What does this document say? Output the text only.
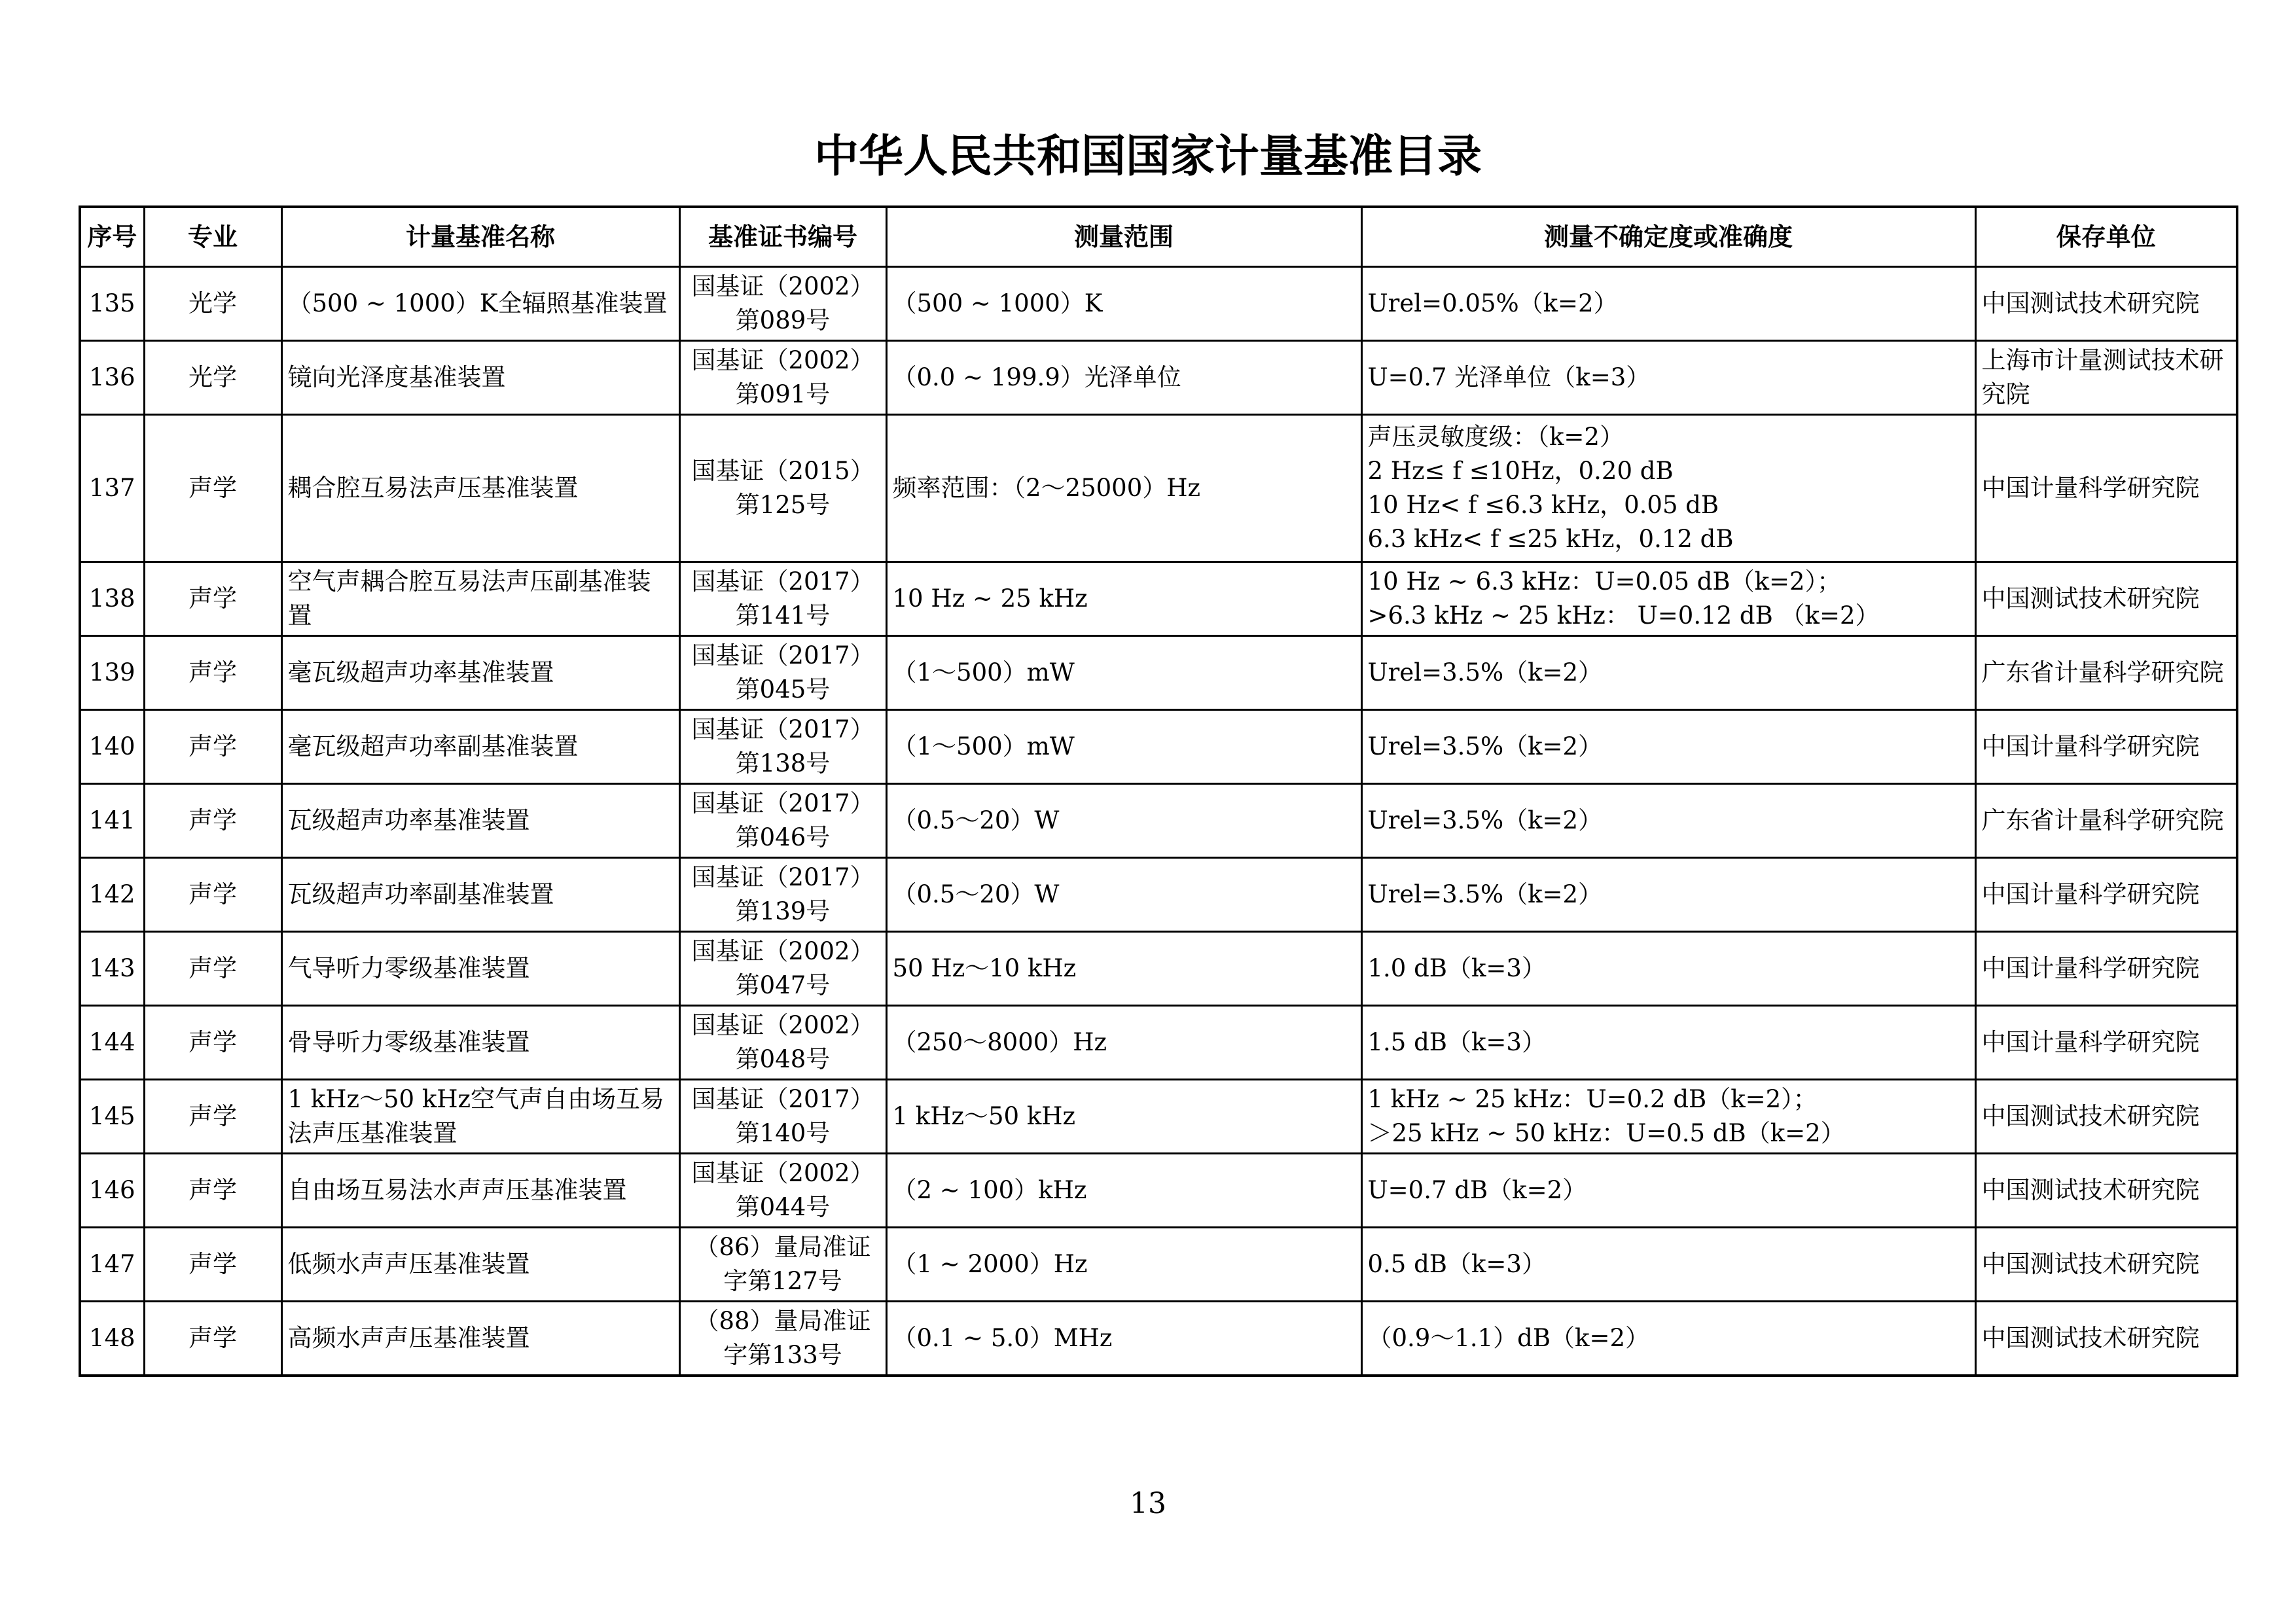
中华人民共和国国家计量基准目录
序号	专业	计量基准名称	基准证书编号	测量范围	测量不确定度或准确度	保存单位
135	光学	（500 ~ 1000）K全辐照基准装置	国基证（2002）第089号	（500 ~ 1000）K	Urel=0.05%（k=2）	中国测试技术研究院
136	光学	镜向光泽度基准装置	国基证（2002）第091号	（0.0 ~ 199.9）光泽单位	U=0.7 光泽单位（k=3）	上海市计量测试技术研究院
137	声学	耦合腔互易法声压基准装置	国基证（2015）第125号	频率范围：（2～25000）Hz	声压灵敏度级：（k=2）
2 Hz≤ f ≤10Hz，0.20 dB
10 Hz< f ≤6.3 kHz，0.05 dB
6.3 kHz< f ≤25 kHz，0.12 dB	中国计量科学研究院
138	声学	空气声耦合腔互易法声压副基准装置	国基证（2017）第141号	10 Hz ~ 25 kHz	10 Hz ~ 6.3 kHz：U=0.05 dB（k=2）；
>6.3 kHz ~ 25 kHz： U=0.12 dB （k=2）	中国测试技术研究院
139	声学	毫瓦级超声功率基准装置	国基证（2017）第045号	（1～500）mW	Urel=3.5%（k=2）	广东省计量科学研究院
140	声学	毫瓦级超声功率副基准装置	国基证（2017）第138号	（1～500）mW	Urel=3.5%（k=2）	中国计量科学研究院
141	声学	瓦级超声功率基准装置	国基证（2017）第046号	（0.5～20）W	Urel=3.5%（k=2）	广东省计量科学研究院
142	声学	瓦级超声功率副基准装置	国基证（2017）第139号	（0.5～20）W	Urel=3.5%（k=2）	中国计量科学研究院
143	声学	气导听力零级基准装置	国基证（2002）第047号	50 Hz～10 kHz	1.0 dB（k=3）	中国计量科学研究院
144	声学	骨导听力零级基准装置	国基证（2002）第048号	（250～8000）Hz	1.5 dB（k=3）	中国计量科学研究院
145	声学	1 kHz～50 kHz空气声自由场互易法声压基准装置	国基证（2017）第140号	1 kHz～50 kHz	1 kHz ~ 25 kHz：U=0.2 dB（k=2）；
＞25 kHz ~ 50 kHz：U=0.5 dB（k=2）	中国测试技术研究院
146	声学	自由场互易法水声声压基准装置	国基证（2002）第044号	（2 ~ 100）kHz	U=0.7 dB（k=2）	中国测试技术研究院
147	声学	低频水声声压基准装置	（86）量局准证字第127号	（1 ~ 2000）Hz	0.5 dB（k=3）	中国测试技术研究院
148	声学	高频水声声压基准装置	（88）量局准证字第133号	（0.1 ~ 5.0）MHz	（0.9～1.1）dB（k=2）	中国测试技术研究院
13
